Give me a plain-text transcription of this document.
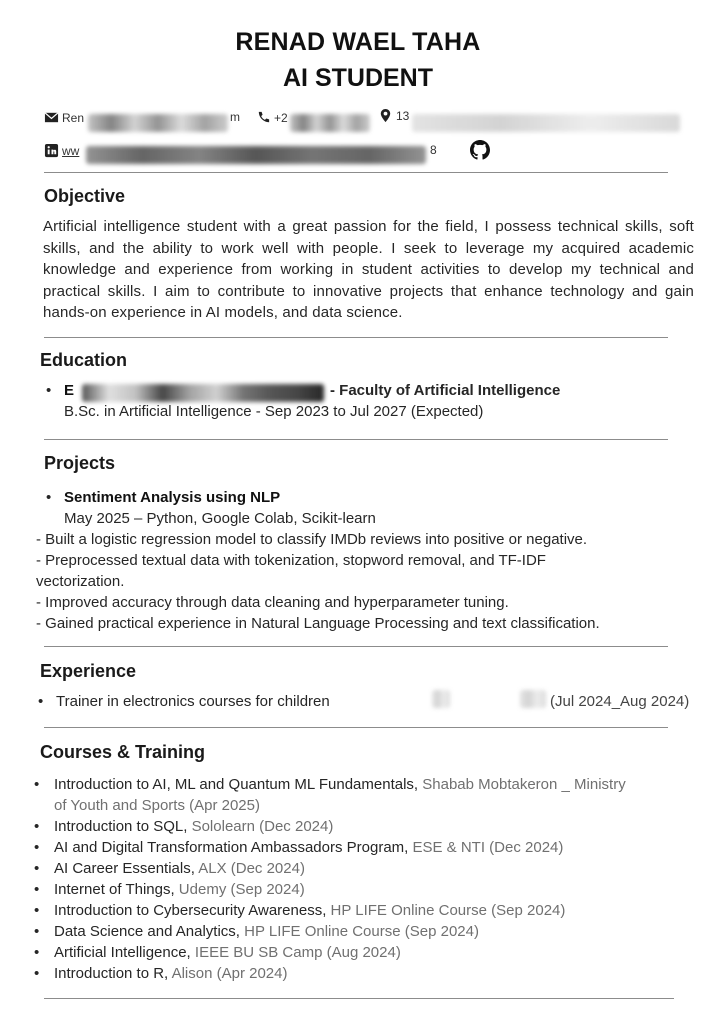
RENAD WAEL TAHA
AI STUDENT
Ren	m	+2	13
ww	8
Objective
Artificial intelligence student with a great passion for the field, I possess technical skills, soft skills, and the ability to work well with people. I seek to leverage my acquired academic knowledge and experience from working in student activities to develop my technical and practical skills. I aim to contribute to innovative projects that enhance technology and gain hands-on experience in AI models, and data science.
Education
• E	- Faculty of Artificial Intelligence
B.Sc. in Artificial Intelligence - Sep 2023 to Jul 2027 (Expected)
Projects
• Sentiment Analysis using NLP
May 2025 – Python, Google Colab, Scikit-learn
- Built a logistic regression model to classify IMDb reviews into positive or negative.
- Preprocessed textual data with tokenization, stopword removal, and TF-IDF
vectorization.
- Improved accuracy through data cleaning and hyperparameter tuning.
- Gained practical experience in Natural Language Processing and text classification.
Experience
• Trainer in electronics courses for children	(Jul 2024_Aug 2024)
Courses & Training
• Introduction to AI, ML and Quantum ML Fundamentals, Shabab Mobtakeron _ Ministry
of Youth and Sports (Apr 2025)
• Introduction to SQL, Sololearn (Dec 2024)
• AI and Digital Transformation Ambassadors Program, ESE & NTI (Dec 2024)
• AI Career Essentials, ALX (Dec 2024)
• Internet of Things, Udemy (Sep 2024)
• Introduction to Cybersecurity Awareness, HP LIFE Online Course (Sep 2024)
• Data Science and Analytics, HP LIFE Online Course (Sep 2024)
• Artificial Intelligence, IEEE BU SB Camp (Aug 2024)
• Introduction to R, Alison (Apr 2024)
